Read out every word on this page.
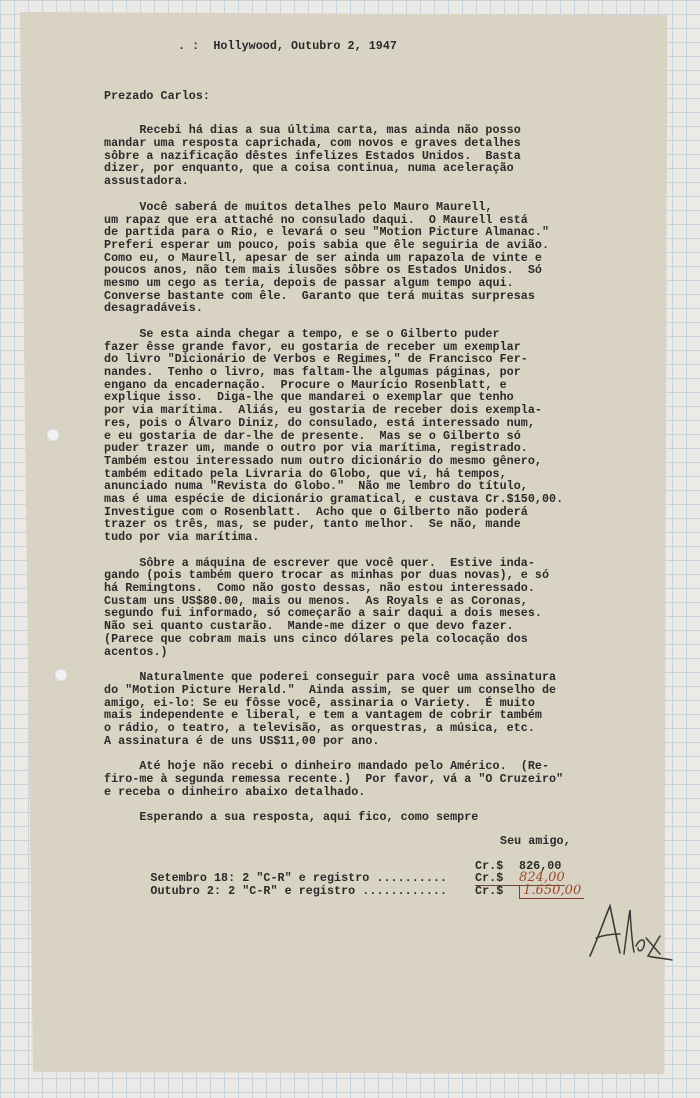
. : Hollywood, Outubro 2, 1947
Prezado Carlos:
Recebi há dias a sua última carta, mas ainda não posso
mandar uma resposta caprichada, com novos e graves detalhes
sôbre a nazificação dêstes infelizes Estados Unidos.  Basta
dizer, por enquanto, que a coisa continua, numa aceleração
assustadora.
Você saberá de muitos detalhes pelo Mauro Maurell,
um rapaz que era attaché no consulado daqui.  O Maurell está
de partida para o Rio, e levará o seu "Motion Picture Almanac."
Preferi esperar um pouco, pois sabia que êle seguiria de avião.
Como eu, o Maurell, apesar de ser ainda um rapazola de vinte e
poucos anos, não tem mais ilusões sôbre os Estados Unidos.  Só
mesmo um cego as teria, depois de passar algum tempo aqui.
Converse bastante com êle.  Garanto que terá muitas surpresas
desagradáveis.
Se esta ainda chegar a tempo, e se o Gilberto puder
fazer êsse grande favor, eu gostaria de receber um exemplar
do livro "Dicionário de Verbos e Regimes," de Francisco Fer-
nandes.  Tenho o livro, mas faltam-lhe algumas páginas, por
engano da encadernação.  Procure o Maurício Rosenblatt, e
explique isso.  Diga-lhe que mandarei o exemplar que tenho
por via marítima.  Aliás, eu gostaria de receber dois exempla-
res, pois o Álvaro Diniz, do consulado, está interessado num,
e eu gostaria de dar-lhe de presente.  Mas se o Gilberto só
puder trazer um, mande o outro por via marítima, registrado.
Também estou interessado num outro dicionário do mesmo gênero,
também editado pela Livraria do Globo, que vi, há tempos,
anunciado numa "Revista do Globo."  Não me lembro do título,
mas é uma espécie de dicionário gramatical, e custava Cr.$150,00.
Investigue com o Rosenblatt.  Acho que o Gilberto não poderá
trazer os três, mas, se puder, tanto melhor.  Se não, mande
tudo por via marítima.
Sôbre a máquina de escrever que você quer.  Estive inda-
gando (pois também quero trocar as minhas por duas novas), e só
há Remingtons.  Como não gosto dessas, não estou interessado.
Custam uns US$80.00, mais ou menos.  As Royals e as Coronas,
segundo fui informado, só começarão a sair daqui a dois meses.
Não sei quanto custarão.  Mande-me dizer o que devo fazer.
(Parece que cobram mais uns cinco dólares pela colocação dos
acentos.)
Naturalmente que poderei conseguir para você uma assinatura
do "Motion Picture Herald."  Ainda assim, se quer um conselho de
amigo, ei-lo: Se eu fôsse você, assinaria o Variety.  É muito
mais independente e liberal, e tem a vantagem de cobrir também
o rádio, o teatro, a televisão, as orquestras, a música, etc.
A assinatura é de uns US$11,00 por ano.
Até hoje não recebi o dinheiro mandado pelo Américo.  (Re-
firo-me à segunda remessa recente.)  Por favor, vá a "O Cruzeiro"
e receba o dinheiro abaixo detalhado.
Esperando a sua resposta, aqui fico, como sempre
Seu amigo,

Setembro 18: 2 "C-R" e registro ..........

Cr.$ 826,00

Outubro 2: 2 "C-R" e registro ............

Cr.$ 824,00

Cr.$ 1.650,00
